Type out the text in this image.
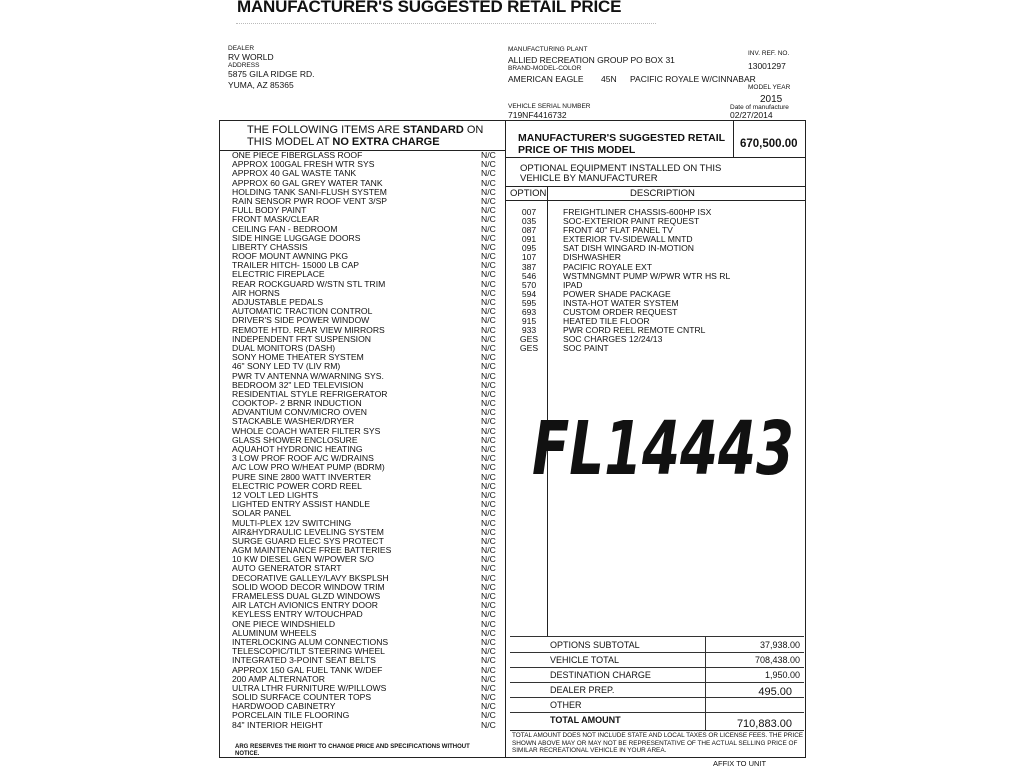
MANUFACTURER'S SUGGESTED RETAIL PRICE
DEALER
RV WORLD
ADDRESS
5875 GILA RIDGE RD.
YUMA, AZ 85365
MANUFACTURING PLANT
ALLIED RECREATION GROUP PO BOX 31
BRAND-MODEL-COLOR
AMERICAN EAGLE 45N PACIFIC ROYALE W/CINNABAR
INV. REF. NO.
13001297
MODEL YEAR
2015
VEHICLE SERIAL NUMBER
719NF4416732
Date of manufacture
02/27/2014
THE FOLLOWING ITEMS ARE STANDARD ON
THIS MODEL AT NO EXTRA CHARGE
ONE PIECE FIBERGLASS ROOF	N/C
APPROX 100GAL FRESH WTR SYS	N/C
APPROX 40 GAL WASTE TANK	N/C
APPROX 60 GAL GREY WATER TANK	N/C
HOLDING TANK SANI-FLUSH SYSTEM	N/C
RAIN SENSOR PWR ROOF VENT 3/SP	N/C
FULL BODY PAINT	N/C
FRONT MASK/CLEAR	N/C
CEILING FAN - BEDROOM	N/C
SIDE HINGE LUGGAGE DOORS	N/C
LIBERTY CHASSIS	N/C
ROOF MOUNT AWNING PKG	N/C
TRAILER HITCH- 15000 LB CAP	N/C
ELECTRIC FIREPLACE	N/C
REAR ROCKGUARD W/STN STL TRIM	N/C
AIR HORNS	N/C
ADJUSTABLE PEDALS	N/C
AUTOMATIC TRACTION CONTROL	N/C
DRIVER'S SIDE POWER WINDOW	N/C
REMOTE HTD. REAR VIEW MIRRORS	N/C
INDEPENDENT FRT SUSPENSION	N/C
DUAL MONITORS (DASH)	N/C
SONY HOME THEATER SYSTEM	N/C
46" SONY LED TV (LIV RM)	N/C
PWR TV ANTENNA W/WARNING SYS.	N/C
BEDROOM 32" LED TELEVISION	N/C
RESIDENTIAL STYLE REFRIGERATOR	N/C
COOKTOP- 2 BRNR INDUCTION	N/C
ADVANTIUM CONV/MICRO OVEN	N/C
STACKABLE WASHER/DRYER	N/C
WHOLE COACH WATER FILTER SYS	N/C
GLASS SHOWER ENCLOSURE	N/C
AQUAHOT HYDRONIC HEATING	N/C
3 LOW PROF ROOF A/C W/DRAINS	N/C
A/C LOW PRO W/HEAT PUMP (BDRM)	N/C
PURE SINE 2800 WATT INVERTER	N/C
ELECTRIC POWER CORD REEL	N/C
12 VOLT LED LIGHTS	N/C
LIGHTED ENTRY ASSIST HANDLE	N/C
SOLAR PANEL	N/C
MULTI-PLEX 12V SWITCHING	N/C
AIR&HYDRAULIC LEVELING SYSTEM	N/C
SURGE GUARD ELEC SYS PROTECT	N/C
AGM MAINTENANCE FREE BATTERIES	N/C
10 KW DIESEL GEN W/POWER S/O	N/C
AUTO GENERATOR START	N/C
DECORATIVE GALLEY/LAVY BKSPLSH	N/C
SOLID WOOD DECOR WINDOW TRIM	N/C
FRAMELESS DUAL GLZD WINDOWS	N/C
AIR LATCH AVIONICS ENTRY DOOR	N/C
KEYLESS ENTRY W/TOUCHPAD	N/C
ONE PIECE WINDSHIELD	N/C
ALUMINUM WHEELS	N/C
INTERLOCKING ALUM CONNECTIONS	N/C
TELESCOPIC/TILT STEERING WHEEL	N/C
INTEGRATED 3-POINT SEAT BELTS	N/C
APPROX 150 GAL FUEL TANK W/DEF	N/C
200 AMP ALTERNATOR	N/C
ULTRA LTHR FURNITURE W/PILLOWS	N/C
SOLID SURFACE COUNTER TOPS	N/C
HARDWOOD CABINETRY	N/C
PORCELAIN TILE FLOORING	N/C
84" INTERIOR HEIGHT	N/C
ARG RESERVES THE RIGHT TO CHANGE PRICE AND SPECIFICATIONS WITHOUT NOTICE.
MANUFACTURER'S SUGGESTED RETAIL
PRICE OF THIS MODEL	670,500.00
OPTIONAL EQUIPMENT INSTALLED ON THIS
VEHICLE BY MANUFACTURER
OPTION	DESCRIPTION
007	FREIGHTLINER CHASSIS-600HP ISX
035	SOC-EXTERIOR PAINT REQUEST
087	FRONT 40" FLAT PANEL TV
091	EXTERIOR TV-SIDEWALL MNTD
095	SAT DISH WINGARD IN-MOTION
107	DISHWASHER
387	PACIFIC ROYALE EXT
546	WSTMNGMNT PUMP W/PWR WTR HS RL
570	IPAD
594	POWER SHADE PACKAGE
595	INSTA-HOT WATER SYSTEM
693	CUSTOM ORDER REQUEST
915	HEATED TILE FLOOR
933	PWR CORD REEL REMOTE CNTRL
GES	SOC CHARGES 12/24/13
GES	SOC PAINT
FL14443
OPTIONS SUBTOTAL	37,938.00
VEHICLE TOTAL	708,438.00
DESTINATION CHARGE	1,950.00
DEALER PREP.	495.00
OTHER
TOTAL AMOUNT	710,883.00
TOTAL AMOUNT DOES NOT INCLUDE STATE AND LOCAL TAXES OR LICENSE FEES. THE PRICE SHOWN ABOVE MAY OR MAY NOT BE REPRESENTATIVE OF THE ACTUAL SELLING PRICE OF SIMILAR RECREATIONAL VEHICLE IN YOUR AREA.
AFFIX TO UNIT
